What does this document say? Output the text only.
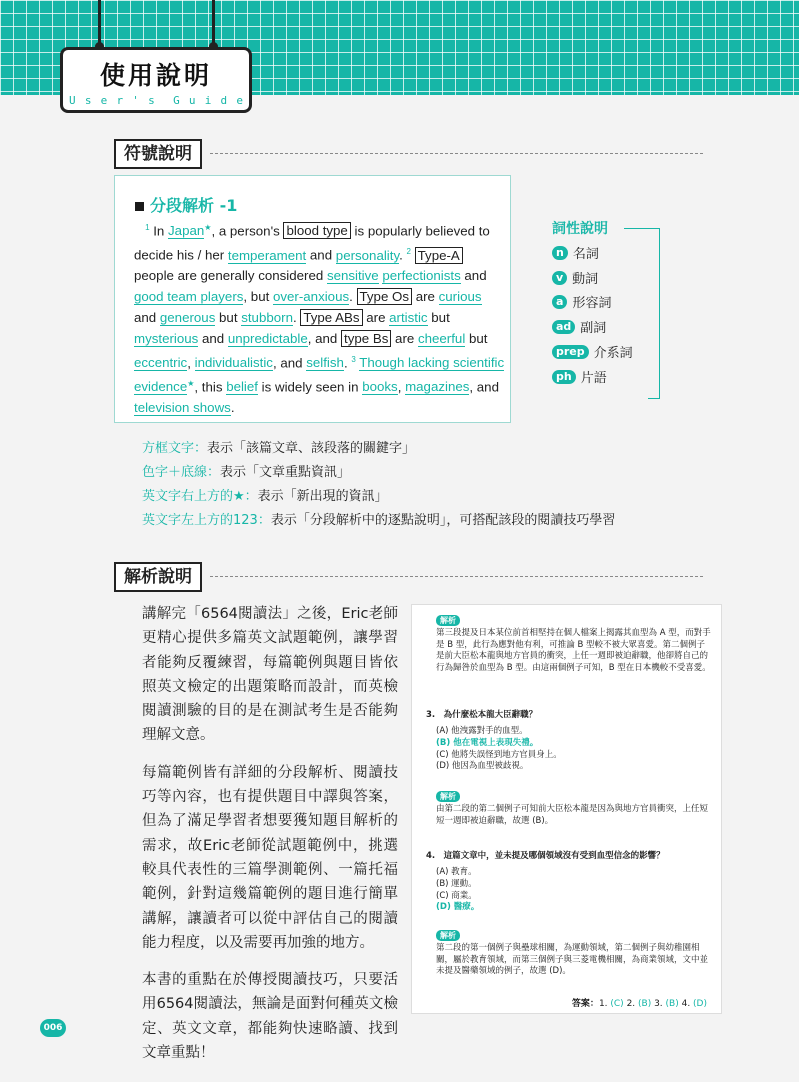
使用說明
U s e r ' s G u i d e
符號說明
分段解析 -1
$^1$ In Japan★, a person's blood type is popularly believed to decide his / her temperament and personality. $^2$ Type-A people are generally considered sensitive perfectionists and good team players, but over-anxious. Type Os are curious and generous but stubborn. Type ABs are artistic but mysterious and unpredictable, and type Bs are cheerful but eccentric, individualistic, and selfish. $^3$ Though lacking scientific evidence★, this belief is widely seen in books, magazines, and television shows.
詞性說明
n 名詞
v 動詞
a 形容詞
ad 副詞
prep 介系詞
ph 片語
方框文字：表示「該篇文章、該段落的關鍵字」
色字＋底線：表示「文章重點資訊」
英文字右上方的★：表示「新出現的資訊」
英文字左上方的123：表示「分段解析中的逐點說明」，可搭配該段的閱讀技巧學習
解析說明

講解完「6564閱讀法」之後，Eric老師更精心提供多篇英文試題範例，讓學習者能夠反覆練習，每篇範例與題目皆依照英文檢定的出題策略而設計，而英檢閱讀測驗的目的是在測試考生是否能夠理解文意。

每篇範例皆有詳細的分段解析、閱讀技巧等內容，也有提供題目中譯與答案，但為了滿足學習者想要獲知題目解析的需求，故Eric老師從試題範例中，挑選較具代表性的三篇學測範例、一篇托福範例，針對這幾篇範例的題目進行簡單講解，讓讀者可以從中評估自己的閱讀能力程度，以及需要再加強的地方。

本書的重點在於傳授閱讀技巧，只要活用6564閱讀法，無論是面對何種英文檢定、英文文章，都能夠快速略讀、找到文章重點！

解析
第三段提及日本某位前首相堅持在個人檔案上揭露其血型為 A 型，而對手是 B 型，此行為應對他有利，可推論 B 型較不被大眾喜愛。第二個例子是前大臣松本龍與地方官員的衝突，上任一週即被迫辭職，他卻將自己的行為歸咎於血型為 B 型。由這兩個例子可知，B 型在日本機較不受喜愛。
3.　為什麼松本龍大臣辭職？
(A) 他洩露對手的血型。
(B) 他在電視上表現失禮。
(C) 他將失誤怪到地方官員身上。
(D) 他因為血型被歧視。
解析
由第二段的第二個例子可知前大臣松本龍是因為與地方官員衝突，上任短短一週即被迫辭職，故選 (B)。
4.　這篇文章中，並未提及哪個領域沒有受到血型信念的影響？
(A) 教育。
(B) 運動。
(C) 商業。
(D) 醫療。
解析
第二段的第一個例子與壘球相關，為運動領域，第二個例子與幼稚園相關，屬於教育領域，而第三個例子與三菱電機相關，為商業領域，文中並未提及醫藥領域的例子，故選 (D)。
答案：1. (C) 2. (B) 3. (B) 4. (D)
006
